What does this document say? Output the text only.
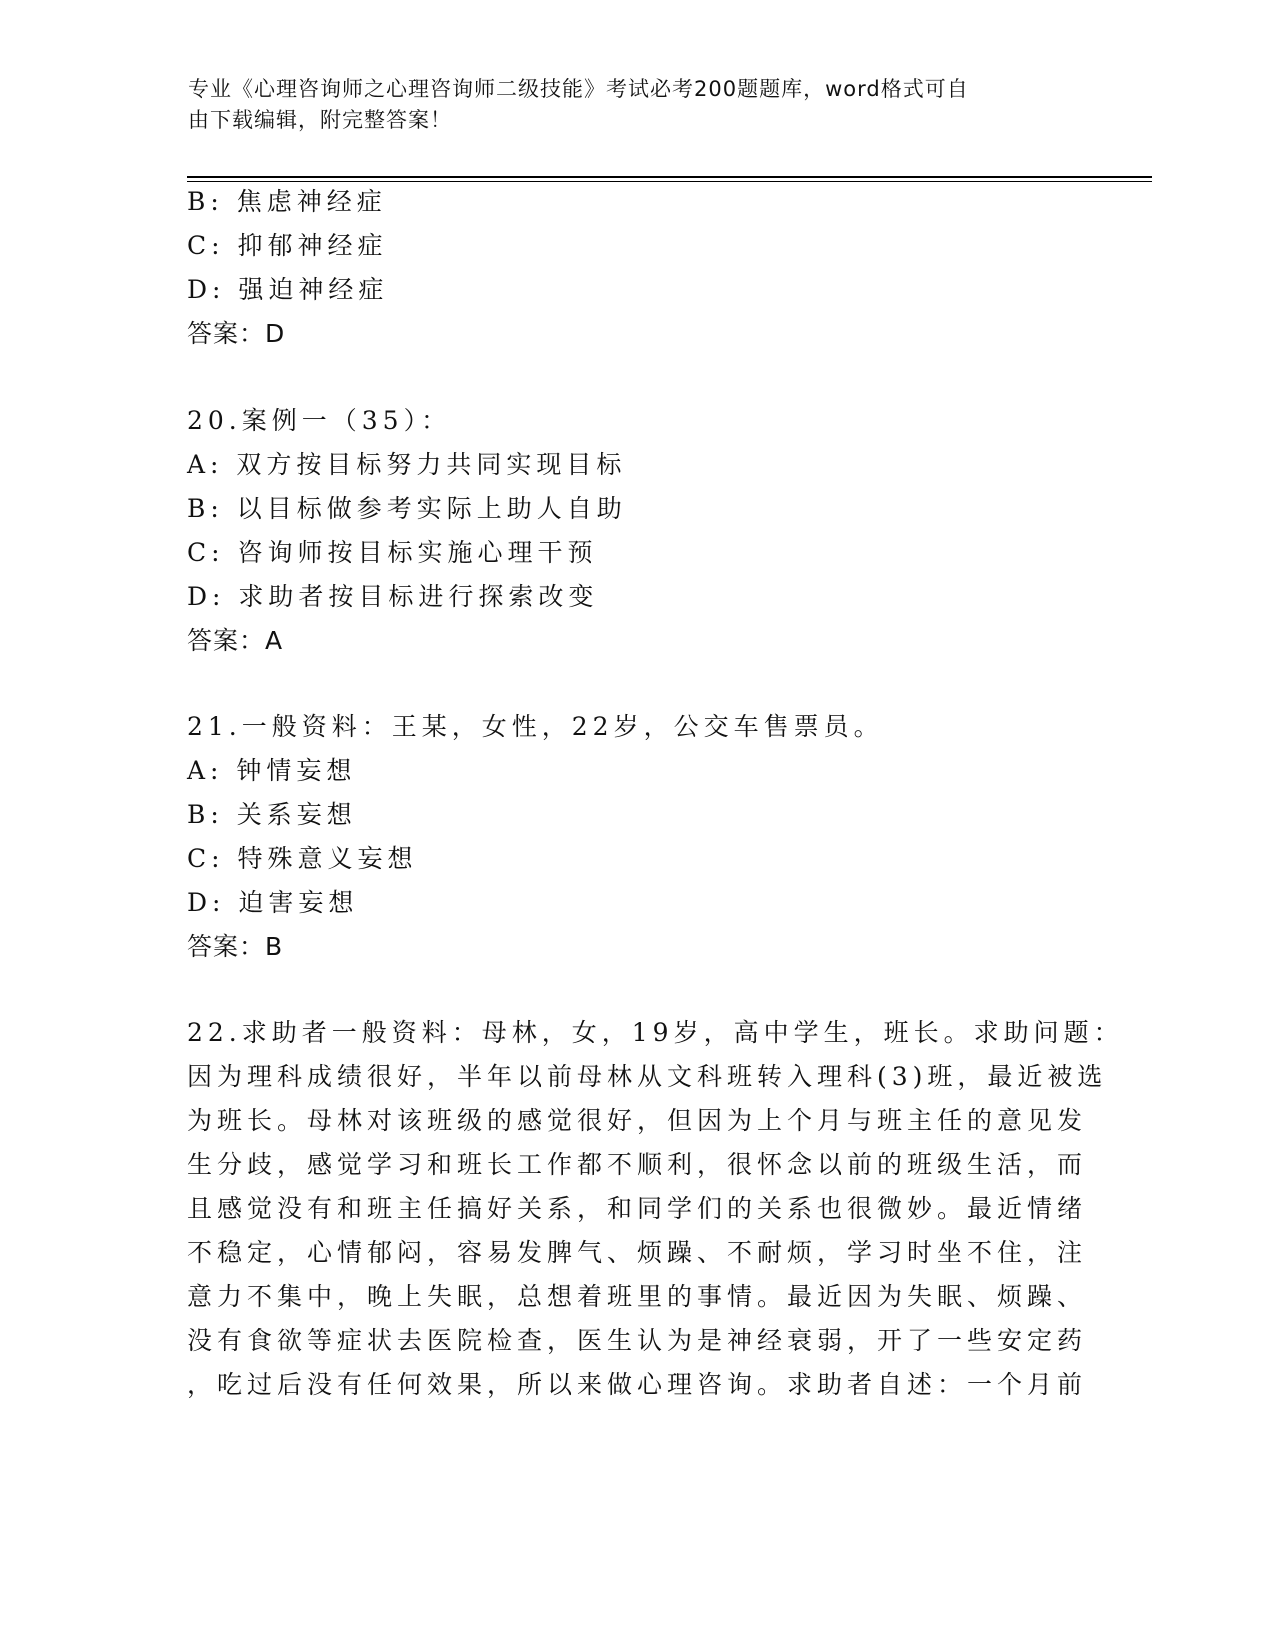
专业《心理咨询师之心理咨询师二级技能》考试必考200题题库，word格式可自
由下载编辑，附完整答案！
B: 焦虑神经症
C: 抑郁神经症
D: 强迫神经症
答案：D
20.案例一（35）：
A: 双方按目标努力共同实现目标
B: 以目标做参考实际上助人自助
C: 咨询师按目标实施心理干预
D: 求助者按目标进行探索改变
答案：A
21.一般资料：王某，女性，22岁，公交车售票员。
A: 钟情妄想
B: 关系妄想
C: 特殊意义妄想
D: 迫害妄想
答案：B
22.求助者一般资料：母林，女，19岁，高中学生，班长。求助问题：
因为理科成绩很好，半年以前母林从文科班转入理科(3)班，最近被选
为班长。母林对该班级的感觉很好，但因为上个月与班主任的意见发
生分歧，感觉学习和班长工作都不顺利，很怀念以前的班级生活，而
且感觉没有和班主任搞好关系，和同学们的关系也很微妙。最近情绪
不稳定，心情郁闷，容易发脾气、烦躁、不耐烦，学习时坐不住，注
意力不集中，晚上失眠，总想着班里的事情。最近因为失眠、烦躁、
没有食欲等症状去医院检查，医生认为是神经衰弱，开了一些安定药
，吃过后没有任何效果，所以来做心理咨询。求助者自述：一个月前
